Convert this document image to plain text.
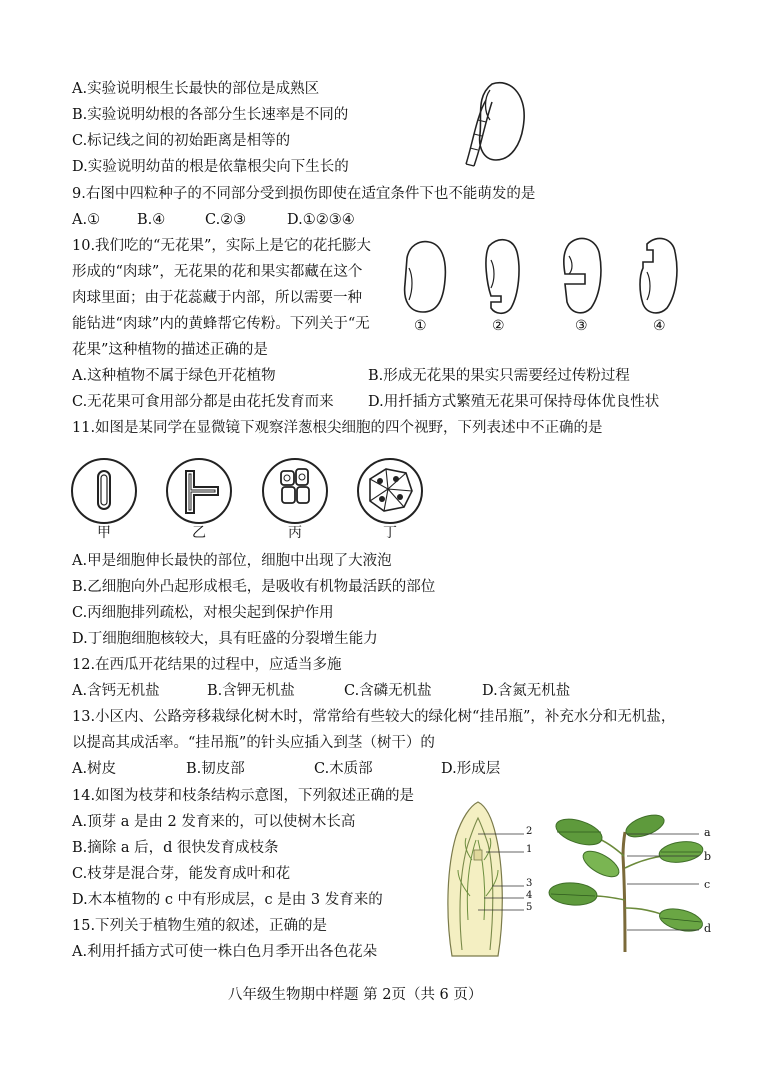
A.实验说明根生长最快的部位是成熟区
B.实验说明幼根的各部分生长速率是不同的
C.标记线之间的初始距离是相等的
D.实验说明幼苗的根是依靠根尖向下生长的
9.右图中四粒种子的不同部分受到损伤即使在适宜条件下也不能萌发的是
A.①	B.④	C.②③	D.①②③④
①	②	③	④
10.我们吃的“无花果”，实际上是它的花托膨大
形成的“肉球”，无花果的花和果实都藏在这个
肉球里面；由于花蕊藏于内部，所以需要一种
能钻进“肉球”内的黄蜂帮它传粉。下列关于“无
花果”这种植物的描述正确的是
A.这种植物不属于绿色开花植物	B.形成无花果的果实只需要经过传粉过程
C.无花果可食用部分都是由花托发育而来 D.用扦插方式繁殖无花果可保持母体优良性状
11.如图是某同学在显微镜下观察洋葱根尖细胞的四个视野，下列表述中不正确的是
甲	乙	丙	丁
A.甲是细胞伸长最快的部位，细胞中出现了大液泡
B.乙细胞向外凸起形成根毛，是吸收有机物最活跃的部位
C.丙细胞排列疏松，对根尖起到保护作用
D.丁细胞细胞核较大，具有旺盛的分裂增生能力
12.在西瓜开花结果的过程中，应适当多施
A.含钙无机盐	B.含钾无机盐	C.含磷无机盐	D.含氮无机盐
13.小区内、公路旁移栽绿化树木时，常常给有些较大的绿化树“挂吊瓶”，补充水分和无机盐，
以提高其成活率。“挂吊瓶”的针头应插入到茎（树干）的
A.树皮	B.韧皮部	C.木质部	D.形成层
14.如图为枝芽和枝条结构示意图，下列叙述正确的是
A.顶芽 a 是由 2 发育来的，可以使树木长高
B.摘除 a 后，d 很快发育成枝条
C.枝芽是混合芽，能发育成叶和花
D.木本植物的 c 中有形成层，c 是由 3 发育来的
2
1
3
4
5
a
b
c
d
15.下列关于植物生殖的叙述，正确的是
A.利用扦插方式可使一株白色月季开出各色花朵
八年级生物期中样题 第 2页（共 6 页）
